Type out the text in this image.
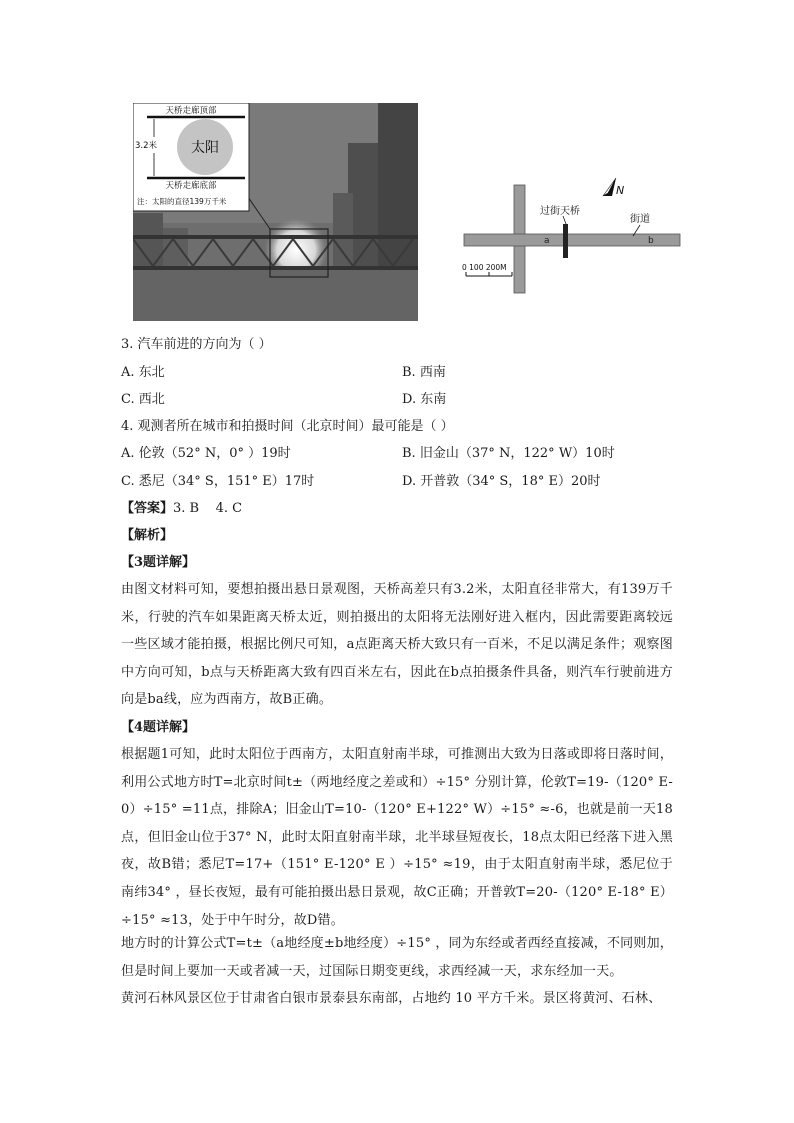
天桥走廊顶部
天桥走廊底部
3.2米 太阳
注：太阳的直径139万千米
过街天桥
街道
a	b
N
0 100 200M
3. 汽车前进的方向为（ ）
A. 东北	B. 西南
C. 西北	D. 东南
4. 观测者所在城市和拍摄时间（北京时间）最可能是（ ）
A. 伦敦（52° N，0° ）19时	B. 旧金山（37° N，122° W）10时
C. 悉尼（34° S，151° E）17时	D. 开普敦（34° S，18° E）20时
【答案】3. B    4. C
【解析】
【3题详解】
由图文材料可知，要想拍摄出悬日景观图，天桥高差只有3.2米，太阳直径非常大，有139万千米，行驶的汽车如果距离天桥太近，则拍摄出的太阳将无法刚好进入框内，因此需要距离较远一些区域才能拍摄，根据比例尺可知，a点距离天桥大致只有一百米，不足以满足条件；观察图中方向可知，b点与天桥距离大致有四百米左右，因此在b点拍摄条件具备，则汽车行驶前进方向是ba线，应为西南方，故B正确。
【4题详解】
根据题1可知，此时太阳位于西南方，太阳直射南半球，可推测出大致为日落或即将日落时间，利用公式地方时T=北京时间t±（两地经度之差或和）÷15° 分别计算，伦敦T=19-（120° E-0）÷15° =11点，排除A；旧金山T=10-（120° E+122° W）÷15° ≈-6，也就是前一天18点，但旧金山位于37° N，此时太阳直射南半球，北半球昼短夜长，18点太阳已经落下进入黑夜，故B错；悉尼T=17+（151° E-120° E ）÷15° ≈19，由于太阳直射南半球，悉尼位于南纬34° ，昼长夜短，最有可能拍摄出悬日景观，故C正确；开普敦T=20-（120° E-18° E）÷15° ≈13，处于中午时分，故D错。
地方时的计算公式T=t±（a地经度±b地经度）÷15° ，同为东经或者西经直接减，不同则加，但是时间上要加一天或者减一天，过国际日期变更线，求西经减一天，求东经加一天。
黄河石林风景区位于甘肃省白银市景泰县东南部，占地约 10 平方千米。景区将黄河、石林、
